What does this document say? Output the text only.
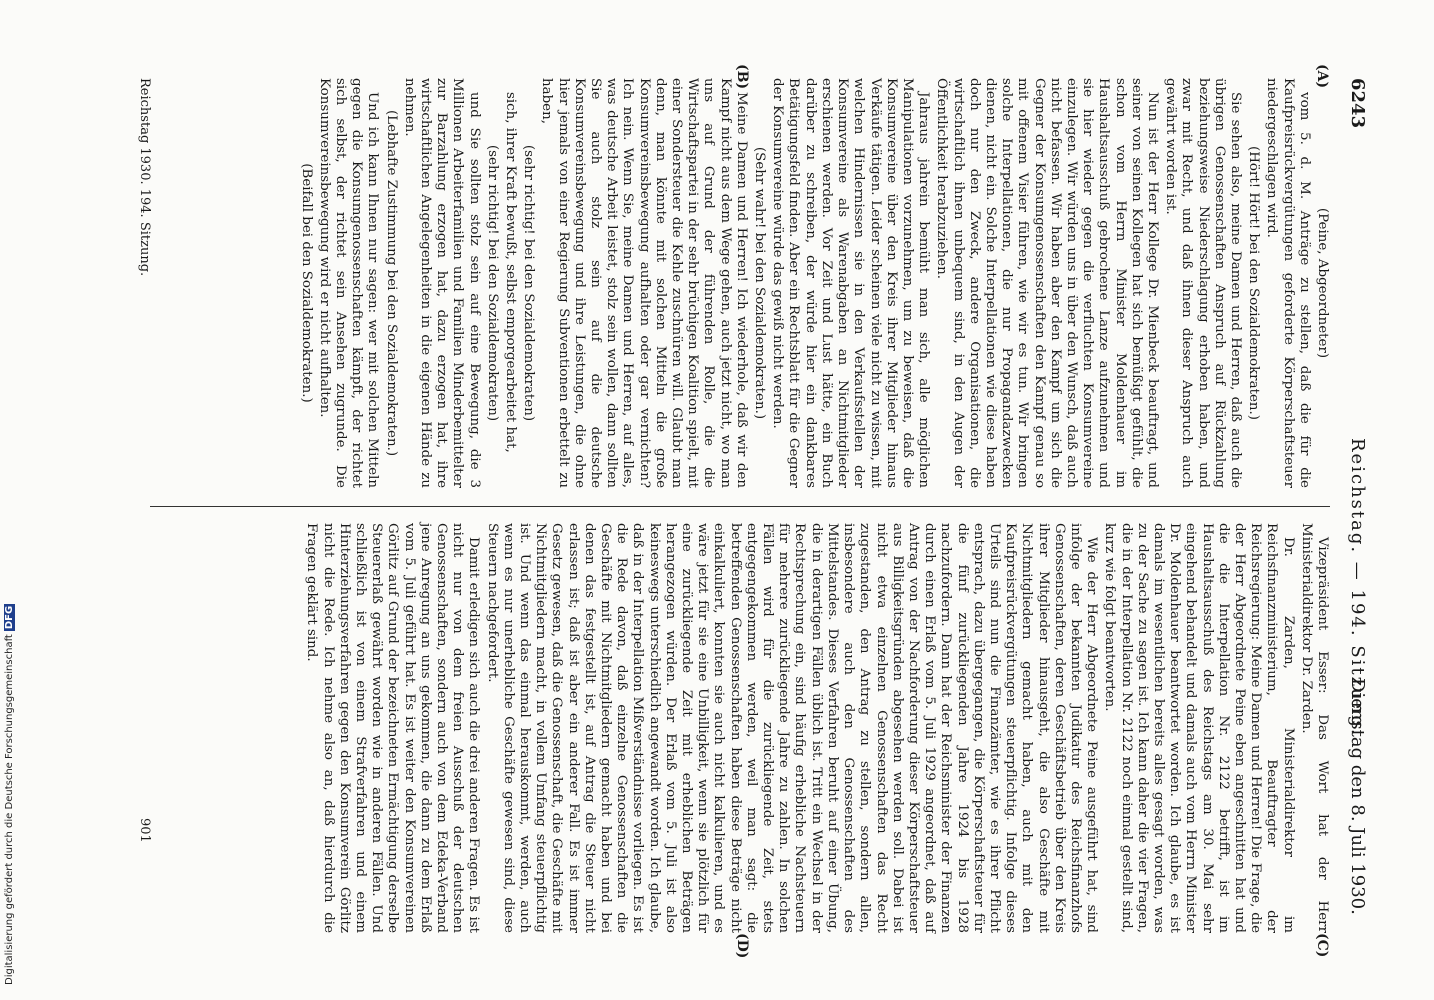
6243
Reichstag. — 194. Sitzung.
Dienstag den 8. Juli 1930.

(Peine, Abgeordneter)

vom 5. d. M. Anträge zu stellen, daß die für die Kaufpreisrückvergütungen geforderte Körperschaftsteuer niedergeschlagen wird.

(Hört! Hört! bei den Sozialdemokraten.)

Sie sehen also, meine Damen und Herren, daß auch die übrigen Genossenschaften Anspruch auf Rückzahlung beziehungsweise Niederschlagung erhoben haben, und zwar mit Recht, und daß ihnen dieser Anspruch auch gewährt worden ist.

Nun ist der Herr Kollege Dr. Mienbeck beauftragt, und seiner von seinen Kollegen hat sich bemüßigt gefühlt, die schon vom Herrn Minister Moldenhauer im Haushaltsausschuß gebrochene Lanze aufzunehmen und sie hier wieder gegen die verfluchten Konsumvereine einzulegen. Wir würden uns in über den Wunsch, daß auch nicht befassen. Wir haben aber den Kampf um sich die Gegner der Konsumgenossenschaften den Kampf genau so mit offenem Visier führen, wie wir es tun. Wir bringen solche Interpellationen, die nur Propagandazwecken dienen, nicht ein. Solche Interpellationen wie diese haben doch nur den Zweck, andere Organisationen, die wirtschaftlich ihnen unbequem sind, in den Augen der Öffentlichkeit herabzuziehen.

Jahraus jahrein bemüht man sich, alle möglichen Manipulationen vorzunehmen, um zu beweisen, daß die Konsumvereine über den Kreis ihrer Mitglieder hinaus Verkäufe tätigen. Leider scheinen viele nicht zu wissen, mit welchen Hindernissen sie in den Verkaufsstellen der Konsumvereine als Warenabgaben an Nichtmitglieder erschienen werden. Vor Zeit und Lust hätte, ein Buch darüber zu schreiben, der würde hier ein dankbares Betätigungsfeld finden. Aber ein Rechtsblatt für die Gegner der Konsumvereine würde das gewiß nicht werden.

(Sehr wahr! bei den Sozialdemokraten.)

Meine Damen und Herren! Ich wiederhole, daß wir den Kampf nicht aus dem Wege gehen, auch jetzt nicht, wo man uns auf Grund der führenden Rolle, die die Wirtschaftspartei in der sehr brüchigen Koalition spielt, mit einer Sondersteuer die Kehle zuschnüren will. Glaubt man denn, man könnte mit solchen Mitteln die große Konsumvereinsbewegung aufhalten oder gar vernichten? Ich nein. Wenn Sie, meine Damen und Herren, auf alles, was deutsche Arbeit leistet, stolz sein wollen, dann sollten Sie auch stolz sein auf die deutsche Konsumvereinsbewegung und ihre Leistungen, die ohne hier jemals von einer Regierung Subventionen erbettelt zu haben,

(sehr richtig! bei den Sozialdemokraten)

sich, ihrer Kraft bewußt, selbst emporgearbeitet hat,

(sehr richtig! bei den Sozialdemokraten)

und Sie sollten stolz sein auf eine Bewegung, die 3 Millionen Arbeiterfamilien und Familien Minderbemittelter zur Barzahlung erzogen hat, dazu erzogen hat, ihre wirtschaftlichen Angelegenheiten in die eigenen Hände zu nehmen.

(Lebhafte Zustimmung bei den Sozialdemokraten.)

Und ich kann Ihnen nur sagen: wer mit solchen Mitteln gegen die Konsumgenossenschaften kämpft, der richtet sich selbst, der richtet sein Ansehen zugrunde. Die Konsumvereinsbewegung wird er nicht aufhalten.

(Beifall bei den Sozialdemokraten.)

Vizepräsident Esser: Das Wort hat der Herr Ministerialdirektor Dr. Zarden.

Dr. Zarden, Ministerialdirektor im Reichsfinanzministerium, Beauftragter der Reichsregierung: Meine Damen und Herren! Die Frage, die der Herr Abgeordnete Peine eben angeschnitten hat und die die Interpellation Nr. 2122 betrifft, ist im Haushaltsausschuß des Reichstags am 30. Mai sehr eingehend behandelt und damals auch vom Herrn Minister Dr. Moldenhauer beantwortet worden. Ich glaube, es ist damals im wesentlichen bereits alles gesagt worden, was zu der Sache zu sagen ist. Ich kann daher die vier Fragen, die in der Interpellation Nr. 2122 noch einmal gestellt sind, kurz wie folgt beantworten.

Wie der Herr Abgeordnete Peine ausgeführt hat, sind infolge der bekannten Judikatur des Reichsfinanzhofs Genossenschaften, deren Geschäftsbetrieb über den Kreis ihrer Mitglieder hinausgeht, die also Geschäfte mit Nichtmitgliedern gemacht haben, auch mit den Kaufpreisrückvergütungen steuerpflichtig. Infolge dieses Urteils sind nun die Finanzämter, wie es ihrer Pflicht entsprach, dazu übergegangen, die Körperschaftsteuer für die fünf zurückliegenden Jahre 1924 bis 1928 nachzufordern. Dann hat der Reichsminister der Finanzen durch einen Erlaß vom 5. Juli 1929 angeordnet, daß auf Antrag von der Nachforderung dieser Körperschaftsteuer aus Billigkeitsgründen abgesehen werden soll. Dabei ist nicht etwa einzelnen Genossenschaften das Recht zugestanden, den Antrag zu stellen, sondern allen, insbesondere auch den Genossenschaften des Mittelstandes. Dieses Verfahren beruht auf einer Übung, die in derartigen Fällen üblich ist. Tritt ein Wechsel in der Rechtsprechung ein, sind häufig erhebliche Nachsteuern für mehrere zurückliegende Jahre zu zahlen. In solchen Fällen wird für die zurückliegende Zeit, stets entgegengekommen werden, weil man sagt: die betreffenden Genossenschaften haben diese Beträge nicht einkalkuliert, konnten sie auch nicht kalkulieren, und es wäre jetzt für sie eine Unbilligkeit, wenn sie plötzlich für eine zurückliegende Zeit mit erheblichen Beträgen herangezogen würden. Der Erlaß vom 5. Juli ist also keineswegs unterschiedlich angewandt worden. Ich glaube, daß in der Interpellation Mißverständnisse vorliegen. Es ist die Rede davon, daß einzelne Genossenschaften die Geschäfte mit Nichtmitgliedern gemacht haben und bei denen das festgestellt ist, auf Antrag die Steuer nicht erlassen ist; daß ist aber ein anderer Fall. Es ist immer Gesetz gewesen, daß die Genossenschaft, die Geschäfte mit Nichtmitgliedern macht, in vollem Umfang steuerpflichtig ist. Und wenn das einmal herauskommt, werden, auch wenn es nur unerhebliche Geschäfte gewesen sind, diese Steuern nachgefordert.

Damit erledigen sich auch die drei anderen Fragen. Es ist nicht nur von dem freien Ausschuß der deutschen Genossenschaften, sondern auch von dem Edeka-Verband jene Anregung an uns gekommen, die dann zu dem Erlaß vom 5. Juli geführt hat. Es ist weiter den Konsumvereinen Görlitz auf Grund der bezeichneten Ermächtigung derselbe Steuererlaß gewährt worden wie in anderen Fällen. Und schließlich ist von einem Strafverfahren und einem Hinterziehungsverfahren gegen den Konsumverein Görlitz nicht die Rede. Ich nehme also an, daß hierdurch die Fragen geklärt sind.

(A)
(B)
(C)
(D)
Reichstag 1930. 194. Sitzung.
901
Digitalisierung gefördert durch die Deutsche ForschungsgemeinschaftDFG
